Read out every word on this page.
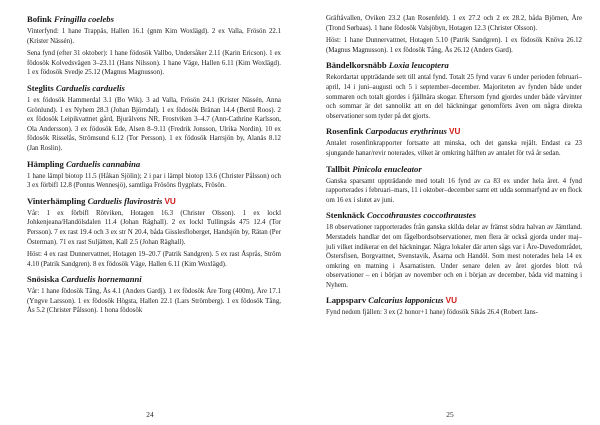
Bofink Fringilla coelebs

Vinterfynd: 1 hane Trappäs, Hallen 16.1 (gnm Kim Woxlägd). 2 ex Valla, Frösön 22.1 (Krister Nässén).

Sena fynd (efter 31 oktober): 1 hane födosök Vallbo, Undersåker 2.11 (Karin Ericson). 1 ex födosök Kolvedsvägen 3–23.11 (Hans Nilsson). 1 hane Väge, Hallen 6.11 (Kim Woxlägd). 1 ex födosök Svedje 25.12 (Magnus Magnusson).

Steglits Carduelis carduelis

1 ex födosök Hammerdal 3.1 (Bo Wik). 3 ad Valla, Frösön 24.1 (Krister Nässén, Anna Grönlund). 1 ex Nyhem 28.3 (Johan Björndal). 1 ex födosök Bränan 14.4 (Bertil Roos). 2 ex födosök Leipikvattnet gård, Bjurälvens NR, Frostviken 3–4.7 (Ann-Cathrine Karlsson, Ola Andersson). 3 ex födosök Ede, Alsen 8–9.11 (Fredrik Jonsson, Ulrika Nordin). 10 ex födosök Risselås, Strömsund 6.12 (Tor Persson). 1 ex födosök Harrsjön by, Alanäs 8.12 (Jan Roslin).

Hämpling Carduelis cannabina

1 hane lämpl biotop 11.5 (Håkan Sjölin); 2 i par i lämpl biotop 13.6 (Christer Pålsson) och 3 ex förbifl 12.8 (Pontus Wennesjö), samtliga Frösöns flygplats, Frösön.

Vinterhämpling Carduelis flavirostris VU

Vår: 1 ex förbifl Rötviken, Hotagen 16.3 (Christer Olsson). 1 ex lockl Johkenjeana/Handölsdalen 11.4 (Johan Räghall). 2 ex lockl Tullingsås 475 12.4 (Tor Persson). 7 ex rast 19.4 och 3 ex str N 20.4, båda Gisslesfloberget, Handsjön by, Rätan (Per Österman). 71 ex rast Suljätten, Kall 2.5 (Johan Räghall).

Höst: 4 ex rast Dunnervattnet, Hotagen 19–20.7 (Patrik Sandgren). 5 ex rast Åsprås, Ström 4.10 (Patrik Sandgren). 8 ex födosök Väge, Hallen 6.11 (Kim Woxlägd).

Snösiska Carduelis hornemanni

Vår: 1 hane födosök Tång, Ås 4.1 (Anders Gardj). 1 ex födosök Åre Torg (400m), Åre 17.1 (Yngve Larsson). 1 ex födosök Högsta, Hallen 22.1 (Lars Strömberg). 1 ex födosök Tång, Ås 5.2 (Christer Pålsson). 1 hona födosök

24

Gräftåvallen, Oviken 23.2 (Jan Rosenfeld). 1 ex 27.2 och 2 ex 28.2, båda Björnen, Åre (Trond Sørbaas). 1 hane födosök Valsjöbyn, Hotagen 12.3 (Christer Olsson).

Höst: 1 hane Dunnervattnet, Hotagen 5.10 (Patrik Sandgren). 1 ex födosök Knöva 26.12 (Magnus Magnusson). 1 ex födosök Tång, Ås 26.12 (Anders Gard).

Bändelkorsnäbb Loxia leucoptera

Rekordartat uppträdande sett till antal fynd. Totalt 25 fynd varav 6 under perioden februari–april, 14 i juni–augusti och 5 i september–december. Majoriteten av fynden både under sommaren och totalt gjordes i fjällnära skogar. Eftersom fynd gjordes under både vårvinter och sommar är det sannolikt att en del häckningar genomförts även om några direkta observationer som tyder på det gjorts.

Rosenfink Carpodacus erythrinus VU

Antalet rosenfinkrapporter fortsatte att minska, och det ganska rejält. Endast ca 23 sjungande hanar/revir noterades, vilket är omkring hälften av antalet för två år sedan.

Tallbit Pinicola enucleator

Ganska sparsamt uppträdande med totalt 16 fynd av ca 83 ex under hela året. 4 fynd rapporterades i februari–mars, 11 i oktober–december samt ett udda sommarfynd av en flock om 16 ex i slutet av juni.

Stenknäck Coccothraustes coccothraustes

18 observationer rapporterades från ganska skilda delar av främst södra halvan av Jämtland. Merstadels handlar det om fågelbordsobservationer, men flera är också gjorda under maj–juli vilket indikerar en del häckningar. Några lokaler där arten sågs var i Åre-Duvedområdet, Östersfisen, Borgvattnet, Svenstavik, Åsarna och Handöl. Som mest noterades hela 14 ex omkring en matning i Åsarnatisten. Under senare delen av året gjordes blott två observationer – en i början av november och en i början av december, båda vid matning i Nyhem.

Lappsparv Calcarius lapponicus VU

Fynd nedom fjällen: 3 ex (2 honor+1 hane) födosök Sikås 26.4 (Robert Jans-

25
